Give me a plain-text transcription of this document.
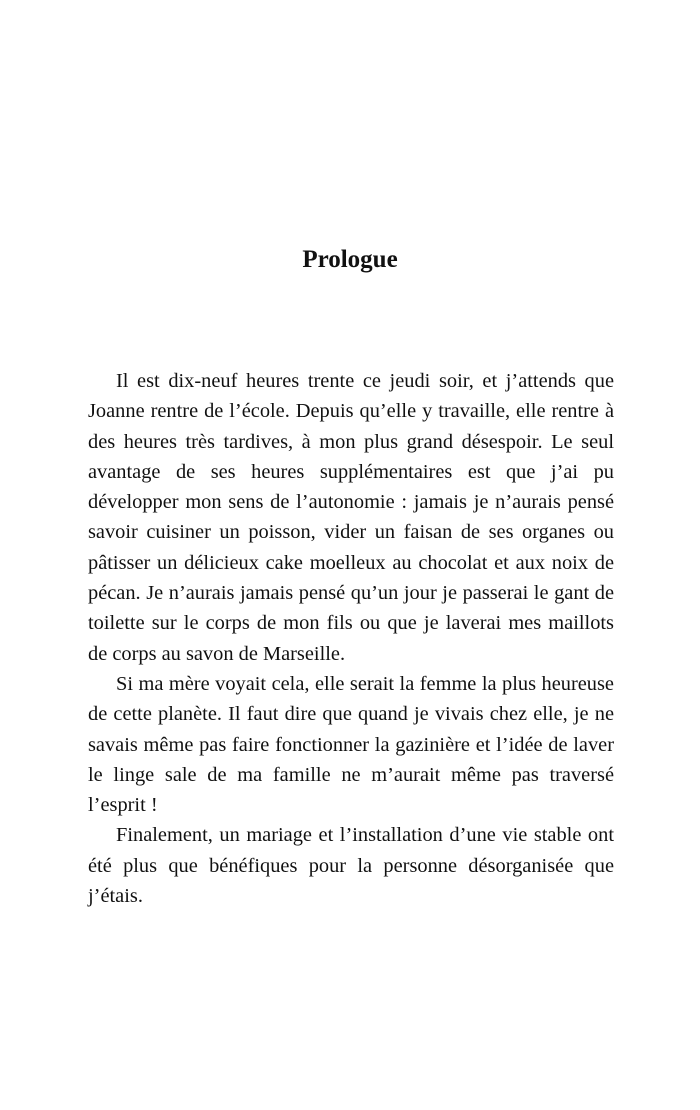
Prologue

Il est dix-neuf heures trente ce jeudi soir, et j’attends que Joanne rentre de l’école. Depuis qu’elle y travaille, elle rentre à des heures très tardives, à mon plus grand désespoir. Le seul avantage de ses heures supplémentaires est que j’ai pu développer mon sens de l’autonomie : jamais je n’aurais pensé savoir cuisiner un poisson, vider un faisan de ses organes ou pâtisser un délicieux cake moelleux au chocolat et aux noix de pécan. Je n’aurais jamais pensé qu’un jour je passerai le gant de toilette sur le corps de mon fils ou que je laverai mes maillots de corps au savon de Marseille.

Si ma mère voyait cela, elle serait la femme la plus heureuse de cette planète. Il faut dire que quand je vivais chez elle, je ne savais même pas faire fonctionner la gazinière et l’idée de laver le linge sale de ma famille ne m’aurait même pas traversé l’esprit !

Finalement, un mariage et l’installation d’une vie stable ont été plus que bénéfiques pour la personne désorganisée que j’étais.
